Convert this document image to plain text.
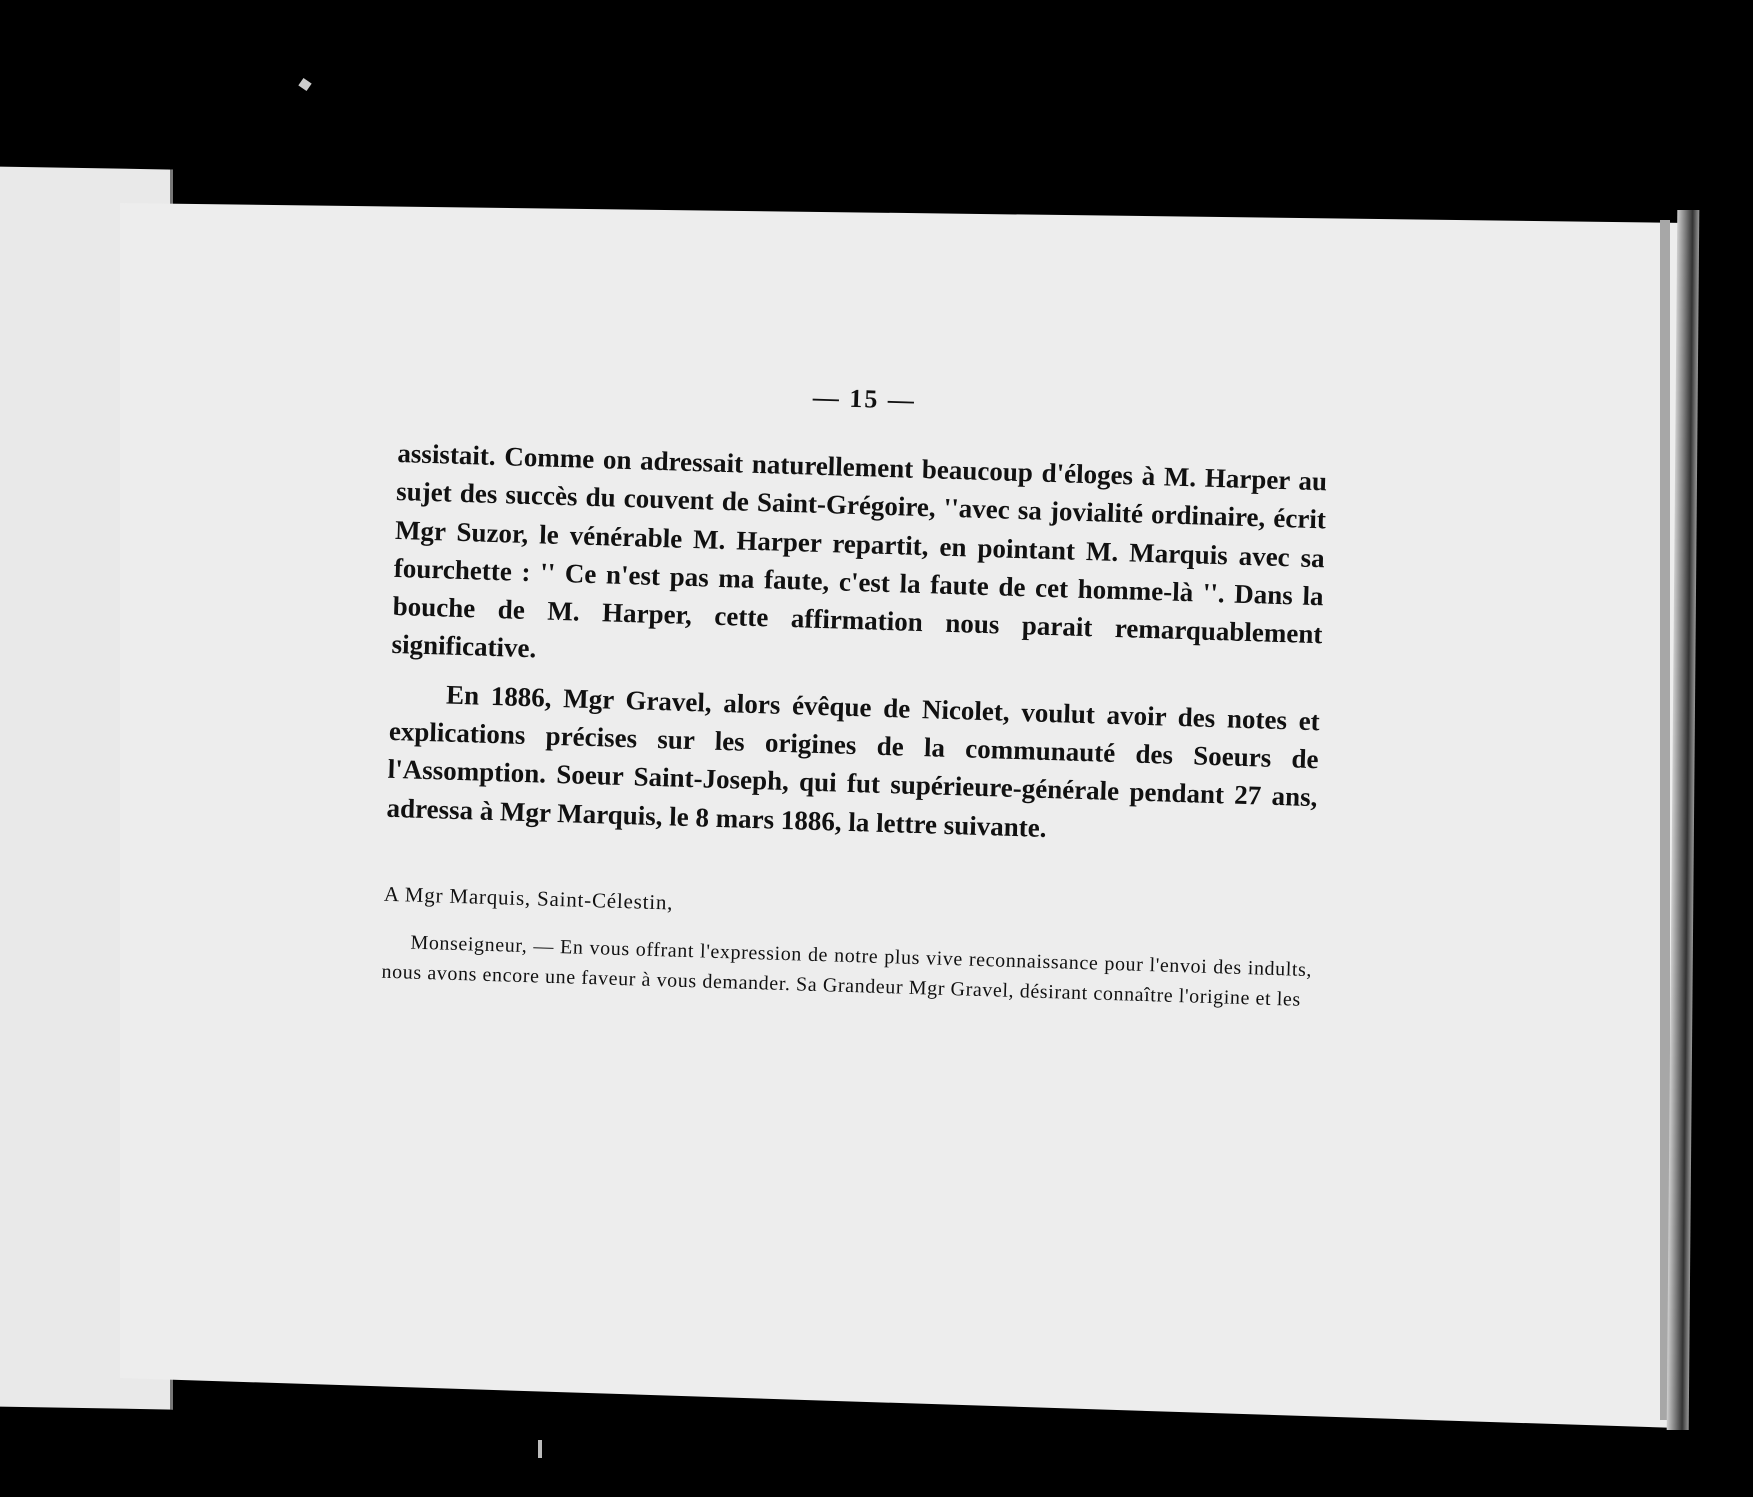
— 15 —

assistait. Comme on adressait naturellement beaucoup d'éloges à M. Harper au sujet des succès du couvent de Saint-Grégoire, ''avec sa jovialité ordinaire, écrit Mgr Suzor, le vénérable M. Harper repartit, en pointant M. Marquis avec sa fourchette : '' Ce n'est pas ma faute, c'est la faute de cet homme-là ''. Dans la bouche de M. Harper, cette affirmation nous parait remarquablement significative.

En 1886, Mgr Gravel, alors évêque de Nicolet, voulut avoir des notes et explications précises sur les origines de la communauté des Soeurs de l'Assomption. Soeur Saint-Joseph, qui fut supérieure-générale pendant 27 ans, adressa à Mgr Marquis, le 8 mars 1886, la lettre suivante.

A Mgr Marquis, Saint-Célestin,

Monseigneur, — En vous offrant l'expression de notre plus vive reconnaissance pour l'envoi des indults, nous avons encore une faveur à vous demander. Sa Grandeur Mgr Gravel, désirant connaître l'origine et les
